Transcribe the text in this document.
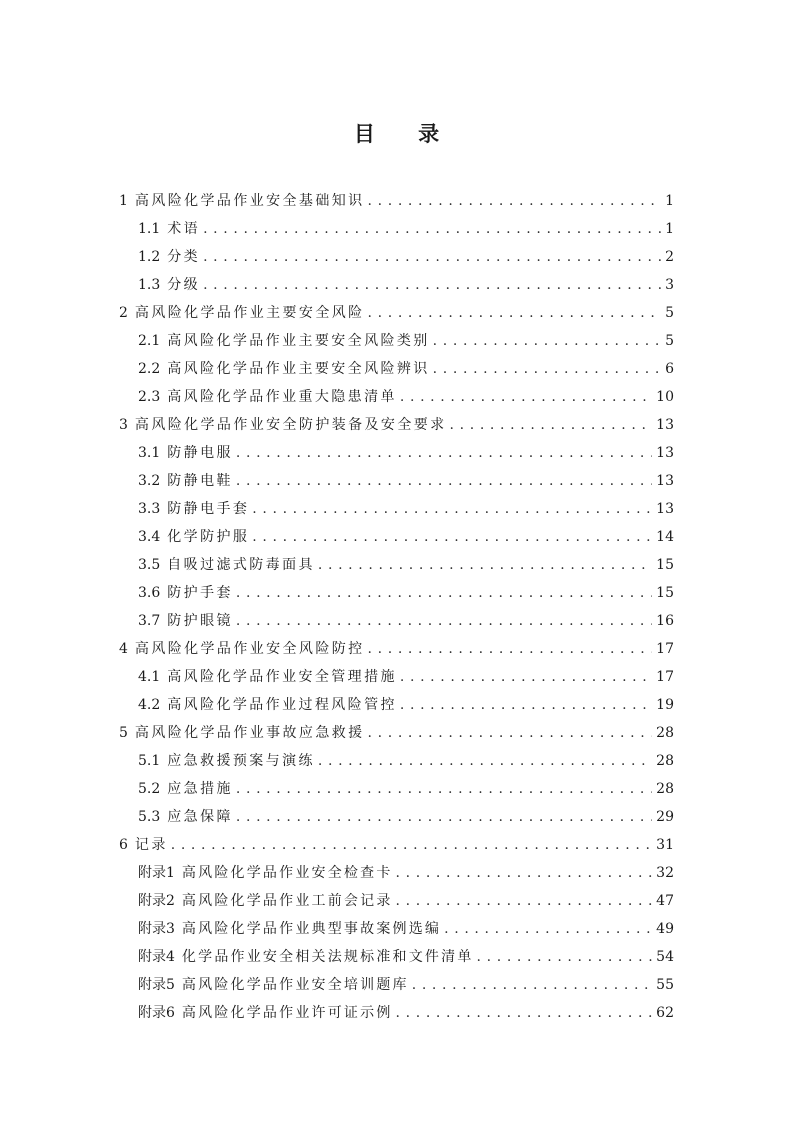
目 录
1 高风险化学品作业安全基础知识 . . .	1
1.1 术语 . . .	1
1.2 分类 . . .	2
1.3 分级 . . .	3
2 高风险化学品作业主要安全风险 . . .	5
2.1 高风险化学品作业主要安全风险类别 . . .	5
2.2 高风险化学品作业主要安全风险辨识 . . .	6
2.3 高风险化学品作业重大隐患清单 . . .	10
3 高风险化学品作业安全防护装备及安全要求 . . .	13
3.1 防静电服 . . .	13
3.2 防静电鞋 . . .	13
3.3 防静电手套 . . .	13
3.4 化学防护服 . . .	14
3.5 自吸过滤式防毒面具 . . .	15
3.6 防护手套 . . .	15
3.7 防护眼镜 . . .	16
4 高风险化学品作业安全风险防控 . . .	17
4.1 高风险化学品作业安全管理措施 . . .	17
4.2 高风险化学品作业过程风险管控 . . .	19
5 高风险化学品作业事故应急救援 . . .	28
5.1 应急救援预案与演练 . . .	28
5.2 应急措施 . . .	28
5.3 应急保障 . . .	29
6 记录 . . .	31
附录1 高风险化学品作业安全检查卡 . . .	32
附录2 高风险化学品作业工前会记录 . . .	47
附录3 高风险化学品作业典型事故案例选编 . . .	49
附录4 化学品作业安全相关法规标准和文件清单 . . .	54
附录5 高风险化学品作业安全培训题库 . . .	55
附录6 高风险化学品作业许可证示例 . . .	62
